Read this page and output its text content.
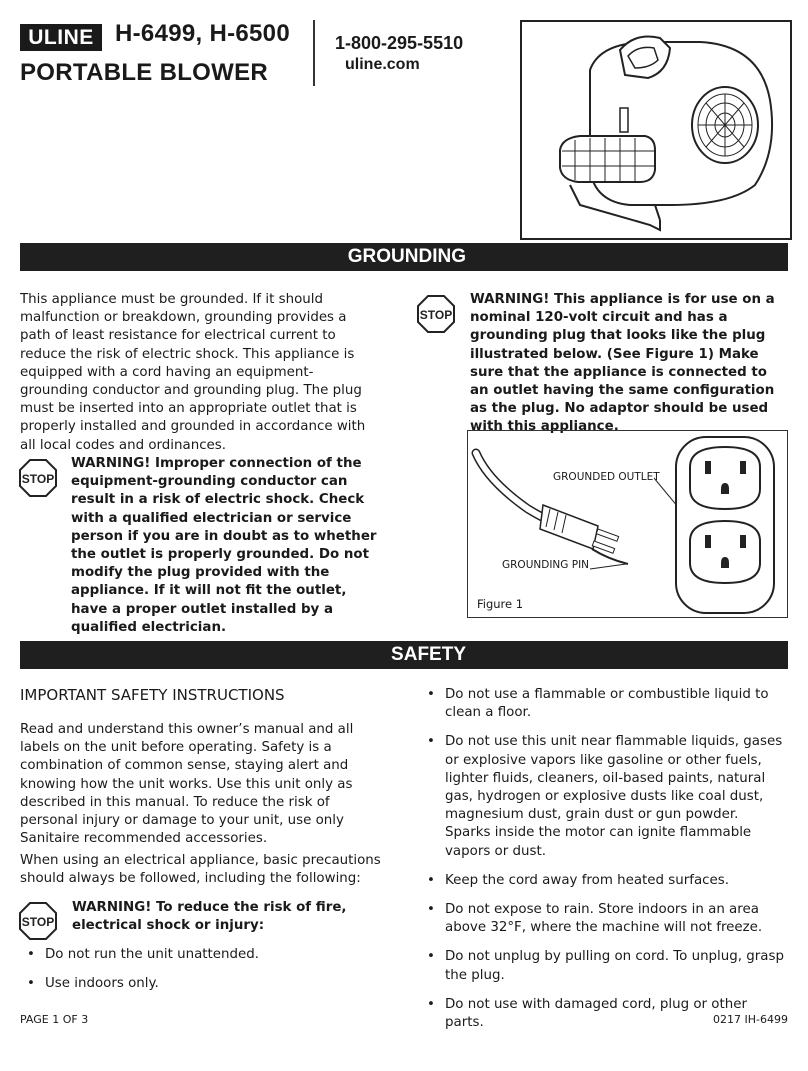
ULINE H-6499, H-6500
PORTABLE BLOWER
1-800-295-5510
uline.com
GROUNDING
This appliance must be grounded. If it should malfunction or breakdown, grounding provides a path of least resistance for electrical current to reduce the risk of electric shock. This appliance is equipped with a cord having an equipment-grounding conductor and grounding plug. The plug must be inserted into an appropriate outlet that is properly installed and grounded in accordance with all local codes and ordinances.
STOP
WARNING! Improper connection of the equipment-grounding conductor can result in a risk of electric shock. Check with a qualified electrician or service person if you are in doubt as to whether the outlet is properly grounded. Do not modify the plug provided with the appliance. If it will not fit the outlet, have a proper outlet installed by a qualified electrician.
STOP
WARNING! This appliance is for use on a nominal 120-volt circuit and has a grounding plug that looks like the plug illustrated below. (See Figure 1) Make sure that the appliance is connected to an outlet having the same configuration as the plug. No adaptor should be used with this appliance.
GROUNDED OUTLET
GROUNDING PIN
Figure 1
SAFETY
IMPORTANT SAFETY INSTRUCTIONS
Read and understand this owner’s manual and all labels on the unit before operating. Safety is a combination of common sense, staying alert and knowing how the unit works. Use this unit only as described in this manual. To reduce the risk of personal injury or damage to your unit, use only Sanitaire recommended accessories.
When using an electrical appliance, basic precautions should always be followed, including the following:
STOP
WARNING! To reduce the risk of fire, electrical shock or injury:
• Do not run the unit unattended.
• Use indoors only.
• Do not use a flammable or combustible liquid to clean a floor.
• Do not use this unit near flammable liquids, gases or explosive vapors like gasoline or other fuels, lighter fluids, cleaners, oil-based paints, natural gas, hydrogen or explosive dusts like coal dust, magnesium dust, grain dust or gun powder. Sparks inside the motor can ignite flammable vapors or dust.
• Keep the cord away from heated surfaces.
• Do not expose to rain. Store indoors in an area above 32°F, where the machine will not freeze.
• Do not unplug by pulling on cord. To unplug, grasp the plug.
• Do not use with damaged cord, plug or other parts.
PAGE 1 OF 3	0217 IH-6499
